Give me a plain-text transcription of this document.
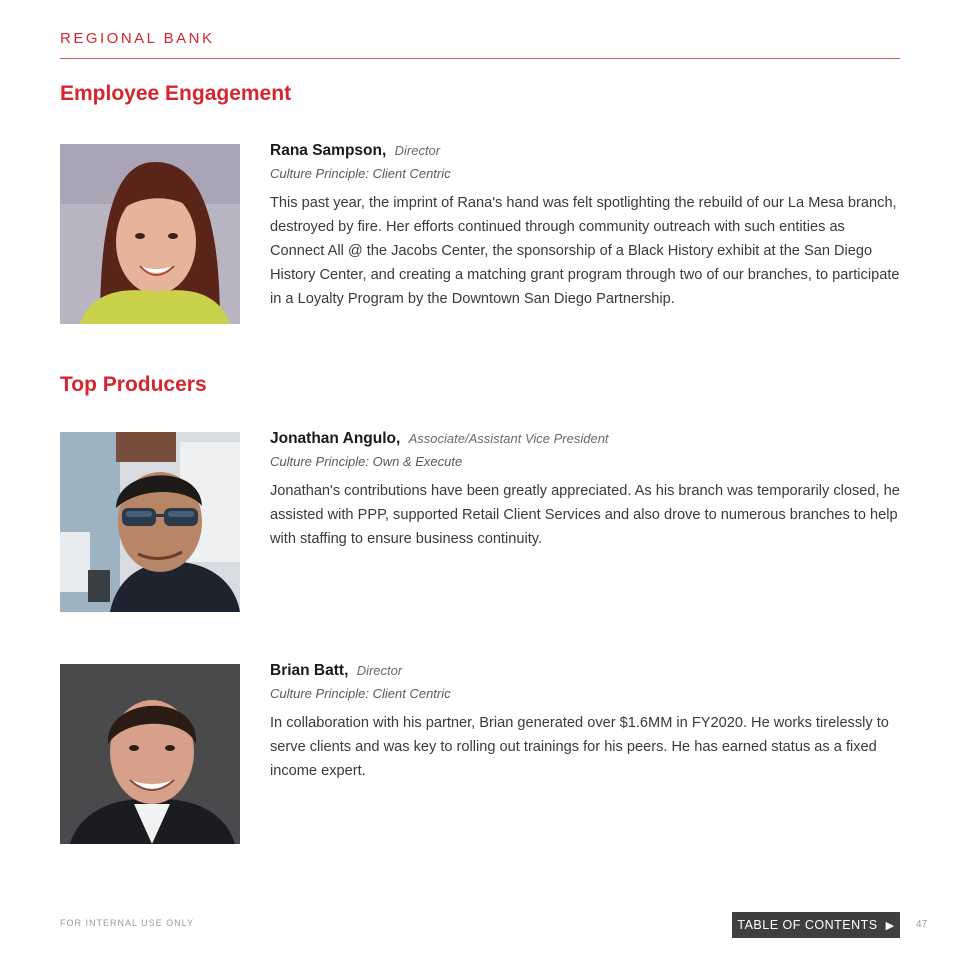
REGIONAL BANK
Employee Engagement
Rana Sampson, Director
Culture Principle: Client Centric
This past year, the imprint of Rana's hand was felt spotlighting the rebuild of our La Mesa branch, destroyed by fire. Her efforts continued through community outreach with such entities as Connect All @ the Jacobs Center, the sponsorship of a Black History exhibit at the San Diego History Center, and creating a matching grant program through two of our branches, to participate in a Loyalty Program by the Downtown San Diego Partnership.
Top Producers
Jonathan Angulo, Associate/Assistant Vice President
Culture Principle: Own & Execute
Jonathan's contributions have been greatly appreciated. As his branch was temporarily closed, he assisted with PPP, supported Retail Client Services and also drove to numerous branches to help with staffing to ensure business continuity.
Brian Batt, Director
Culture Principle: Client Centric
In collaboration with his partner, Brian generated over $1.6MM in FY2020. He works tirelessly to serve clients and was key to rolling out trainings for his peers. He has earned status as a fixed income expert.
FOR INTERNAL USE ONLY	TABLE OF CONTENTS ▶ 47
